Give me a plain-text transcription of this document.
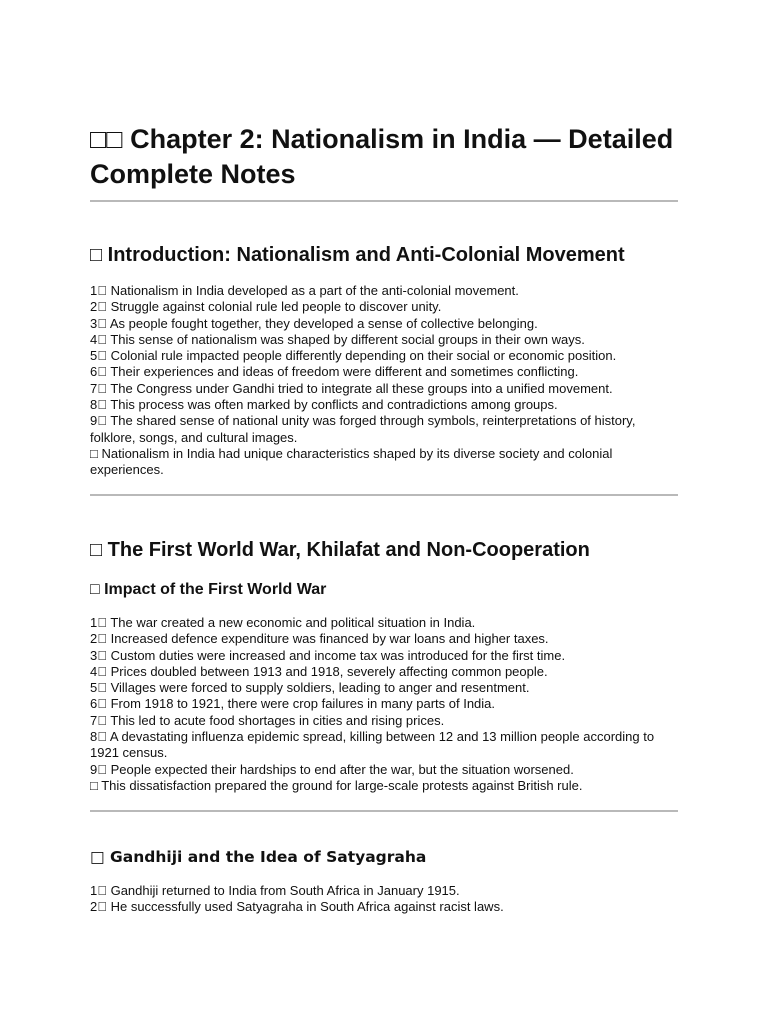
□□ Chapter 2: Nationalism in India — Detailed Complete Notes
□ Introduction: Nationalism and Anti-Colonial Movement
1⃣ Nationalism in India developed as a part of the anti-colonial movement.
2⃣ Struggle against colonial rule led people to discover unity.
3⃣ As people fought together, they developed a sense of collective belonging.
4⃣ This sense of nationalism was shaped by different social groups in their own ways.
5⃣ Colonial rule impacted people differently depending on their social or economic position.
6⃣ Their experiences and ideas of freedom were different and sometimes conflicting.
7⃣ The Congress under Gandhi tried to integrate all these groups into a unified movement.
8⃣ This process was often marked by conflicts and contradictions among groups.
9⃣ The shared sense of national unity was forged through symbols, reinterpretations of history, folklore, songs, and cultural images.
□ Nationalism in India had unique characteristics shaped by its diverse society and colonial experiences.
□ The First World War, Khilafat and Non-Cooperation
□ Impact of the First World War
1⃣ The war created a new economic and political situation in India.
2⃣ Increased defence expenditure was financed by war loans and higher taxes.
3⃣ Custom duties were increased and income tax was introduced for the first time.
4⃣ Prices doubled between 1913 and 1918, severely affecting common people.
5⃣ Villages were forced to supply soldiers, leading to anger and resentment.
6⃣ From 1918 to 1921, there were crop failures in many parts of India.
7⃣ This led to acute food shortages in cities and rising prices.
8⃣ A devastating influenza epidemic spread, killing between 12 and 13 million people according to 1921 census.
9⃣ People expected their hardships to end after the war, but the situation worsened.
□ This dissatisfaction prepared the ground for large-scale protests against British rule.
□ Gandhiji and the Idea of Satyagraha
1⃣ Gandhiji returned to India from South Africa in January 1915.
2⃣ He successfully used Satyagraha in South Africa against racist laws.
